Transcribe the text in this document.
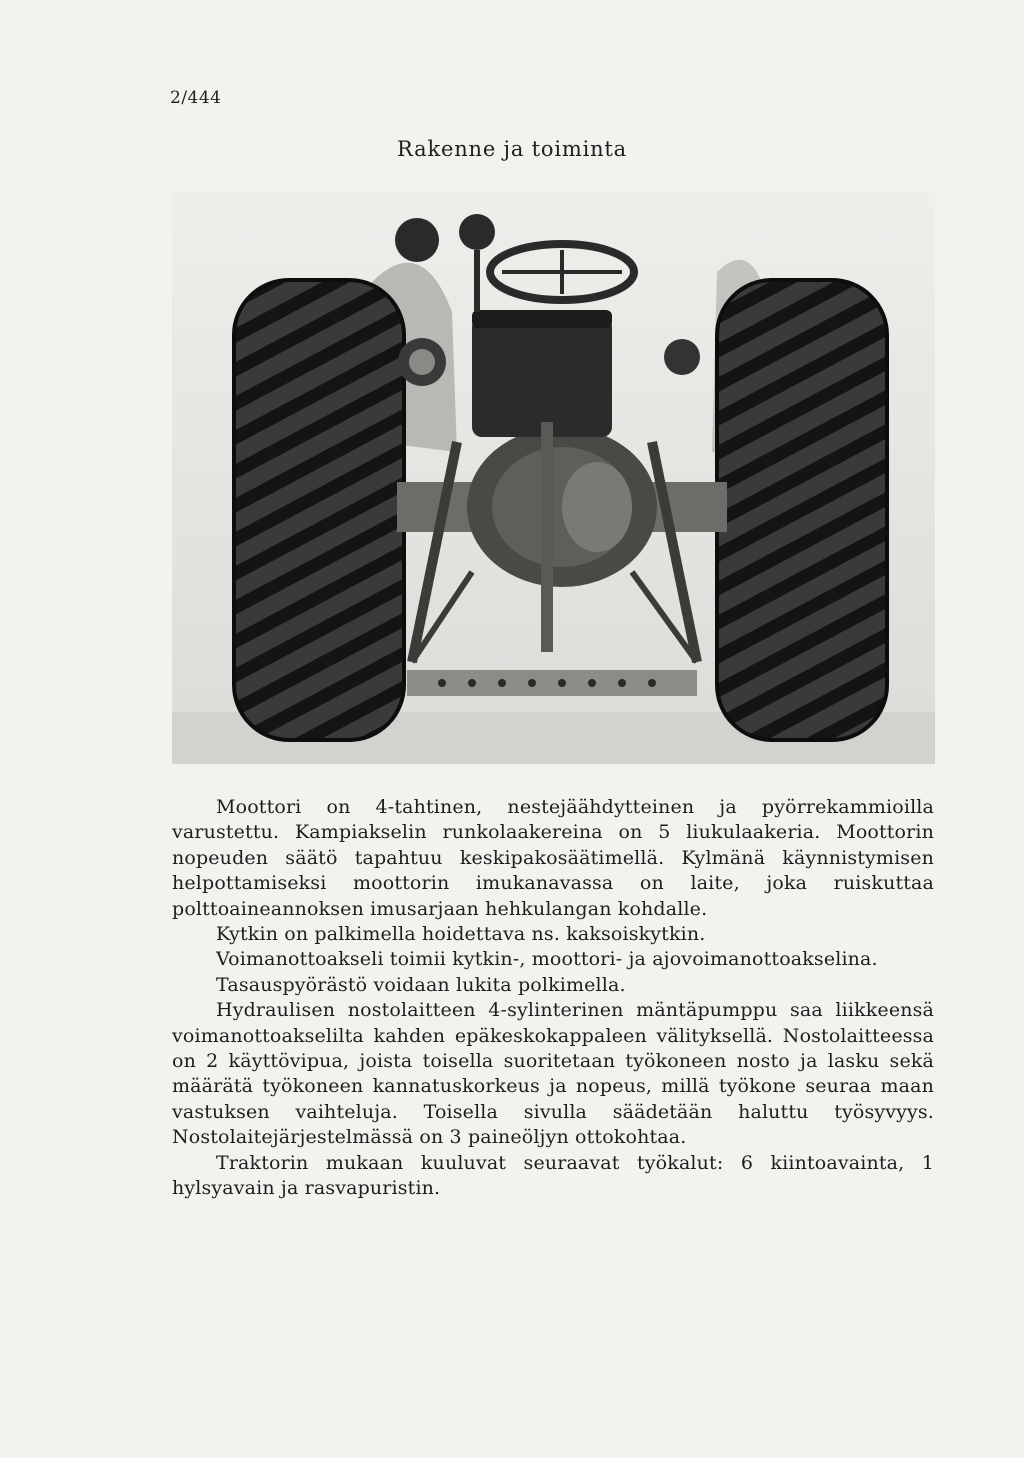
2/444
Rakenne ja toiminta

Moottori on 4-tahtinen, nestejäähdytteinen ja pyörrekammioilla varustettu. Kampiakselin runkolaakereina on 5 liukulaakeria. Moottorin nopeuden säätö tapahtuu keskipakosäätimellä. Kylmänä käynnistymisen helpottamiseksi moottorin imukanavassa on laite, joka ruiskuttaa polttoaineannoksen imusarjaan hehkulangan kohdalle.

Kytkin on palkimella hoidettava ns. kaksoiskytkin.

Voimanottoakseli toimii kytkin-, moottori- ja ajovoimanottoakselina.

Tasauspyörästö voidaan lukita polkimella.

Hydraulisen nostolaitteen 4-sylinterinen mäntäpumppu saa liikkeensä voimanottoakselilta kahden epäkeskokappaleen välityksellä. Nostolaitteessa on 2 käyttövipua, joista toisella suoritetaan työkoneen nosto ja lasku sekä määrätä työkoneen kannatuskorkeus ja nopeus, millä työkone seuraa maan vastuksen vaihteluja. Toisella sivulla säädetään haluttu työsyvyys. Nostolaitejärjestelmässä on 3 paineöljyn ottokohtaa.

Traktorin mukaan kuuluvat seuraavat työkalut: 6 kiintoavainta, 1 hylsyavain ja rasvapuristin.
